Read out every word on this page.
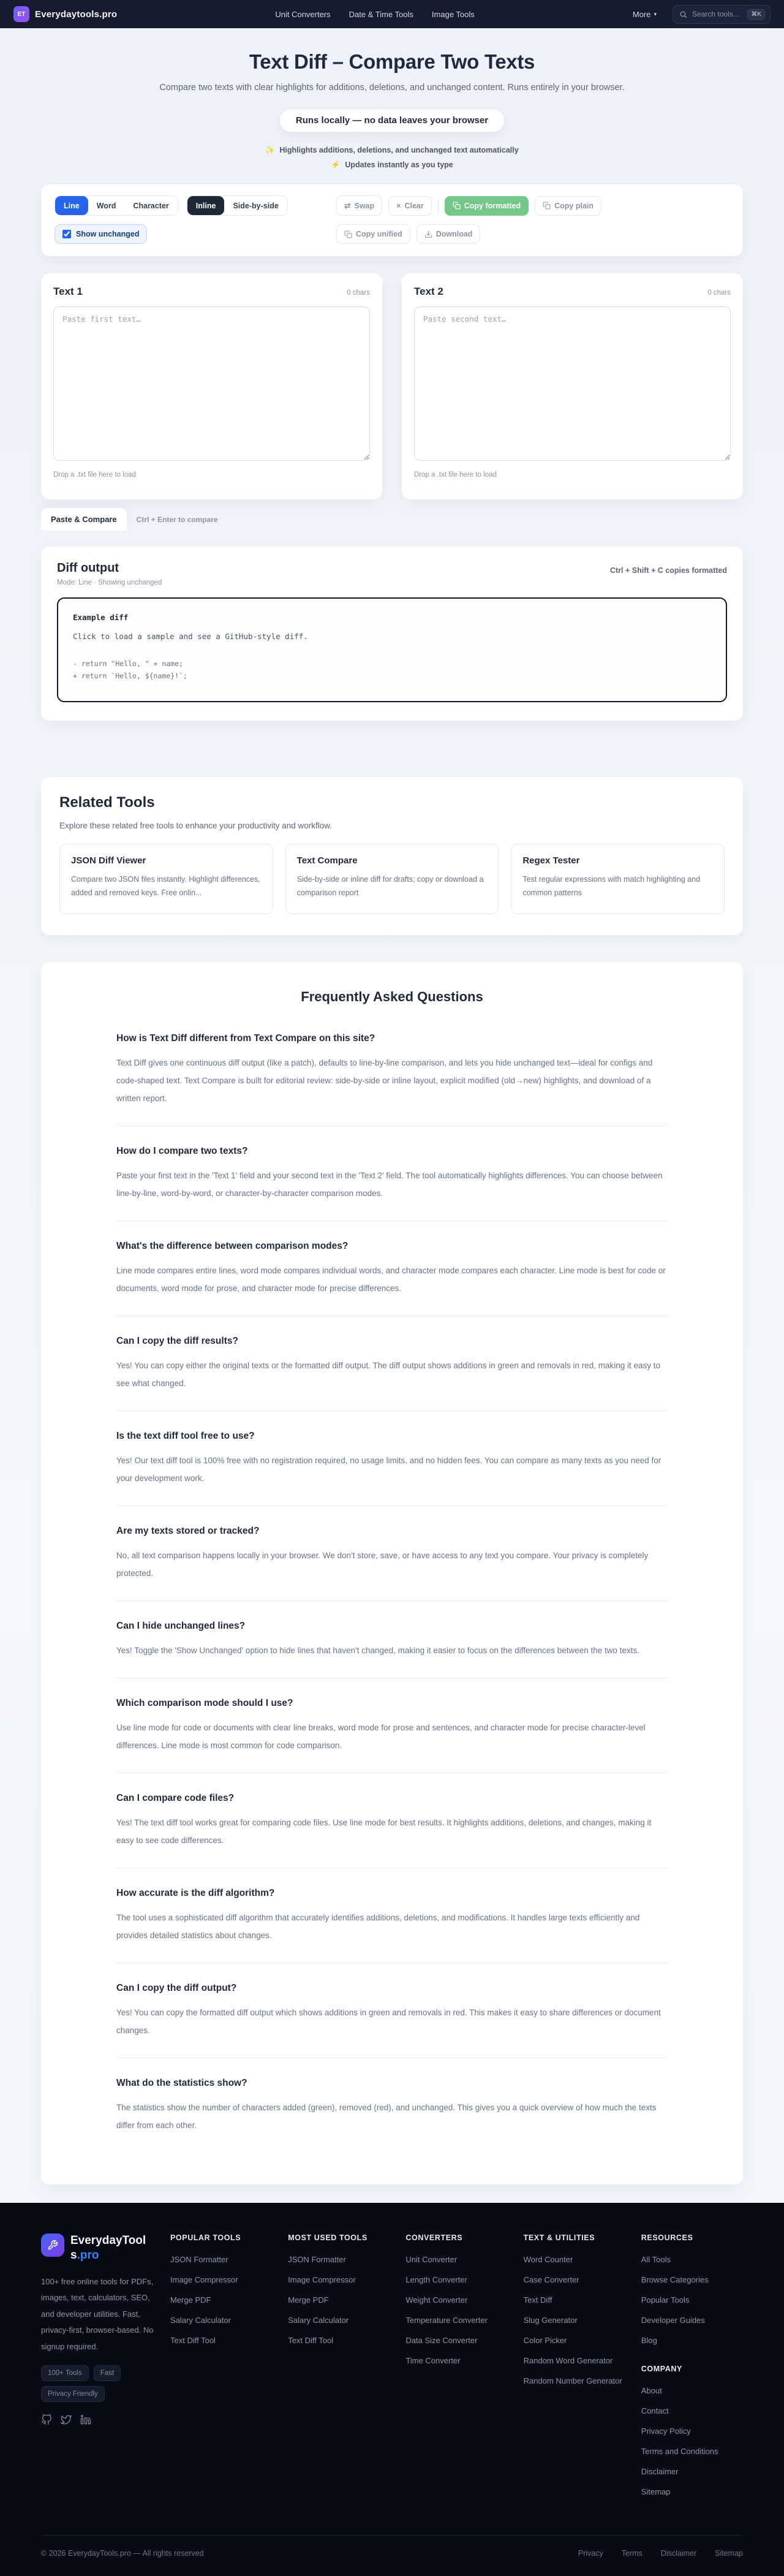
ET	Everydaytools.pro	Unit Converters Date & Time Tools Image Tools	More ▾	Search tools...	⌘K
Text Diff – Compare Two Texts

Compare two texts with clear highlights for additions, deletions, and unchanged content. Runs entirely in your browser.

Runs locally — no data leaves your browser
✨ Highlights additions, deletions, and unchanged text automatically
⚡ Updates instantly as you type
Line	Word	Character	Inline	Side-by-side	⇄ Swap	× Clear	Copy formatted	Copy plain
Show unchanged	Copy unified	Download
Text 1	0 chars
Paste first text…
Drop a .txt file here to load
Text 2	0 chars
Paste second text…
Drop a .txt file here to load
Paste & Compare	Ctrl + Enter to compare
Diff output
Mode: Line · Showing unchanged
Ctrl + Shift + C copies formatted
Example diff
Click to load a sample and see a GitHub-style diff.
- return "Hello, " + name;
+ return `Hello, ${name}!`;
Related Tools

Explore these related free tools to enhance your productivity and workflow.

JSON Diff Viewer

Compare two JSON files instantly. Highlight differences, added and removed keys. Free onlin...

Text Compare

Side-by-side or inline diff for drafts; copy or download a comparison report

Regex Tester

Test regular expressions with match highlighting and common patterns

Frequently Asked Questions
How is Text Diff different from Text Compare on this site?
Text Diff gives one continuous diff output (like a patch), defaults to line-by-line comparison, and lets you hide unchanged text—ideal for configs and code-shaped text. Text Compare is built for editorial review: side-by-side or inline layout, explicit modified (old→new) highlights, and download of a written report.
How do I compare two texts?
Paste your first text in the 'Text 1' field and your second text in the 'Text 2' field. The tool automatically highlights differences. You can choose between line-by-line, word-by-word, or character-by-character comparison modes.
What's the difference between comparison modes?
Line mode compares entire lines, word mode compares individual words, and character mode compares each character. Line mode is best for code or documents, word mode for prose, and character mode for precise differences.
Can I copy the diff results?
Yes! You can copy either the original texts or the formatted diff output. The diff output shows additions in green and removals in red, making it easy to see what changed.
Is the text diff tool free to use?
Yes! Our text diff tool is 100% free with no registration required, no usage limits, and no hidden fees. You can compare as many texts as you need for your development work.
Are my texts stored or tracked?
No, all text comparison happens locally in your browser. We don't store, save, or have access to any text you compare. Your privacy is completely protected.
Can I hide unchanged lines?
Yes! Toggle the 'Show Unchanged' option to hide lines that haven't changed, making it easier to focus on the differences between the two texts.
Which comparison mode should I use?
Use line mode for code or documents with clear line breaks, word mode for prose and sentences, and character mode for precise character-level differences. Line mode is most common for code comparison.
Can I compare code files?
Yes! The text diff tool works great for comparing code files. Use line mode for best results. It highlights additions, deletions, and changes, making it easy to see code differences.
How accurate is the diff algorithm?
The tool uses a sophisticated diff algorithm that accurately identifies additions, deletions, and modifications. It handles large texts efficiently and provides detailed statistics about changes.
Can I copy the diff output?
Yes! You can copy the formatted diff output which shows additions in green and removals in red. This makes it easy to share differences or document changes.
What do the statistics show?
The statistics show the number of characters added (green), removed (red), and unchanged. This gives you a quick overview of how much the texts differ from each other.
EverydayTools.pro

100+ free online tools for PDFs, images, text, calculators, SEO, and developer utilities. Fast, privacy-first, browser-based. No signup required.

100+ Tools	Fast
Privacy Friendly
POPULAR TOOLS
JSON Formatter
Image Compressor
Merge PDF
Salary Calculator
Text Diff Tool
MOST USED TOOLS
JSON Formatter
Image Compressor
Merge PDF
Salary Calculator
Text Diff Tool
CONVERTERS
Unit Converter
Length Converter
Weight Converter
Temperature Converter
Data Size Converter
Time Converter
TEXT & UTILITIES
Word Counter
Case Converter
Text Diff
Slug Generator
Color Picker
Random Word Generator
Random Number Generator
RESOURCES
All Tools
Browse Categories
Popular Tools
Developer Guides
Blog
COMPANY
About
Contact
Privacy Policy
Terms and Conditions
Disclaimer
Sitemap
© 2026 EverydayTools.pro — All rights reserved	Privacy Terms Disclaimer Sitemap
